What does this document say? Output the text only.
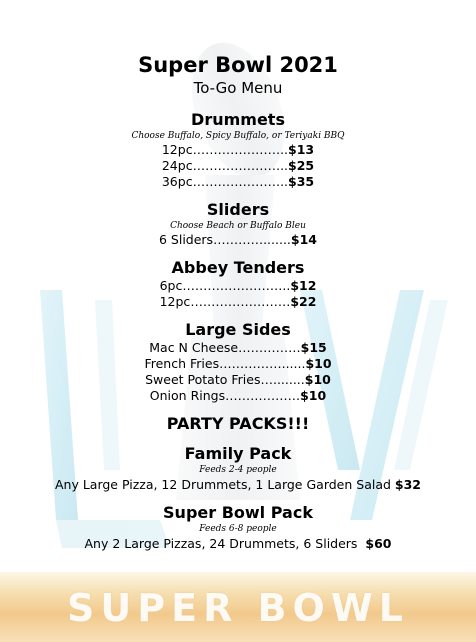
SUPER BOWL
Super Bowl 2021
To-Go Menu
Drummets
Choose Buffalo, Spicy Buffalo, or Teriyaki BBQ
12pc…………………..$13
24pc…………………..$25
36pc…………………..$35
Sliders
Choose Beach or Buffalo Bleu
6 Sliders………….......$14
Abbey Tenders
6pc……………………..$12
12pc……………………$22
Large Sides
Mac N Cheese……………$15
French Fries……………......$10
Sweet Potato Fries…........$10
Onion Rings………………$10
PARTY PACKS!!!
Family Pack
Feeds 2-4 people
Any Large Pizza, 12 Drummets, 1 Large Garden Salad $32
Super Bowl Pack
Feeds 6-8 people
Any 2 Large Pizzas, 24 Drummets, 6 Sliders $60
